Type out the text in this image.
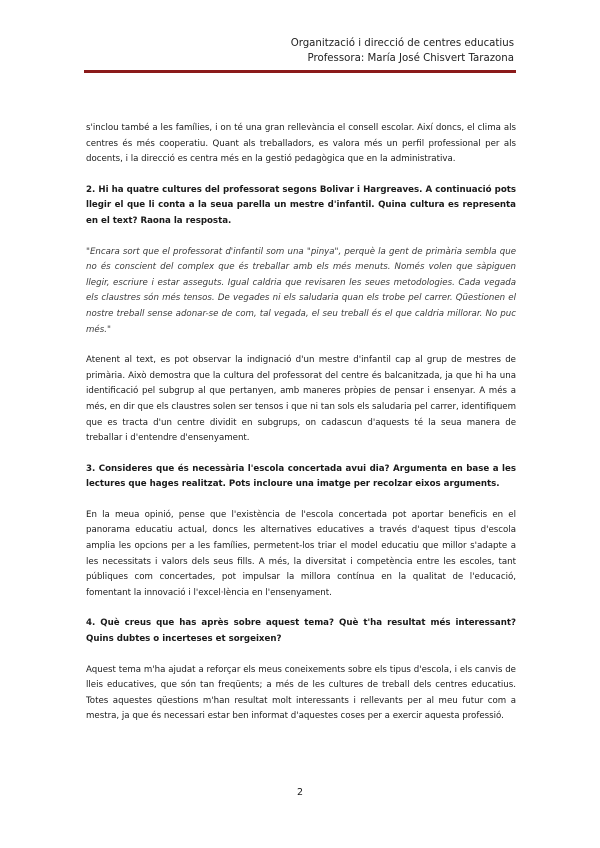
Organització i direcció de centres educatius
Professora: María José Chisvert Tarazona

s'inclou també a les famílies, i on té una gran rellevància el consell escolar. Així doncs, el clima als centres és més cooperatiu. Quant als treballadors, es valora més un perfil professional per als docents, i la direcció es centra més en la gestió pedagògica que en la administrativa.

2. Hi ha quatre cultures del professorat segons Bolivar i Hargreaves. A continuació pots llegir el que li conta a la seua parella un mestre d'infantil. Quina cultura es representa en el text? Raona la resposta.

"Encara sort que el professorat d'infantil som una "pinya", perquè la gent de primària sembla que no és conscient del complex que és treballar amb els més menuts. Només volen que sàpiguen llegir, escriure i estar asseguts. Igual caldria que revisaren les seues metodologies. Cada vegada els claustres són més tensos. De vegades ni els saludaria quan els trobe pel carrer. Qüestionen el nostre treball sense adonar-se de com, tal vegada, el seu treball és el que caldria millorar. No puc més."

Atenent al text, es pot observar la indignació d'un mestre d'infantil cap al grup de mestres de primària. Això demostra que la cultura del professorat del centre és balcanitzada, ja que hi ha una identificació pel subgrup al que pertanyen, amb maneres pròpies de pensar i ensenyar. A més a més, en dir que els claustres solen ser tensos i que ni tan sols els saludaria pel carrer, identifiquem que es tracta d'un centre dividit en subgrups, on cadascun d'aquests té la seua manera de treballar i d'entendre d'ensenyament.

3. Consideres que és necessària l'escola concertada avui dia? Argumenta en base a les lectures que hages realitzat. Pots incloure una imatge per recolzar eixos arguments.

En la meua opinió, pense que l'existència de l'escola concertada pot aportar beneficis en el panorama educatiu actual, doncs les alternatives educatives a través d'aquest tipus d'escola amplia les opcions per a les famílies, permetent-los triar el model educatiu que millor s'adapte a les necessitats i valors dels seus fills. A més, la diversitat i competència entre les escoles, tant públiques com concertades, pot impulsar la millora contínua en la qualitat de l'educació, fomentant la innovació i l'excel·lència en l'ensenyament.

4. Què creus que has après sobre aquest tema? Què t'ha resultat més interessant? Quins dubtes o incerteses et sorgeixen?

Aquest tema m'ha ajudat a reforçar els meus coneixements sobre els tipus d'escola, i els canvis de lleis educatives, que són tan freqüents; a més de les cultures de treball dels centres educatius. Totes aquestes qüestions m'han resultat molt interessants i rellevants per al meu futur com a mestra, ja que és necessari estar ben informat d'aquestes coses per a exercir aquesta professió.

2
